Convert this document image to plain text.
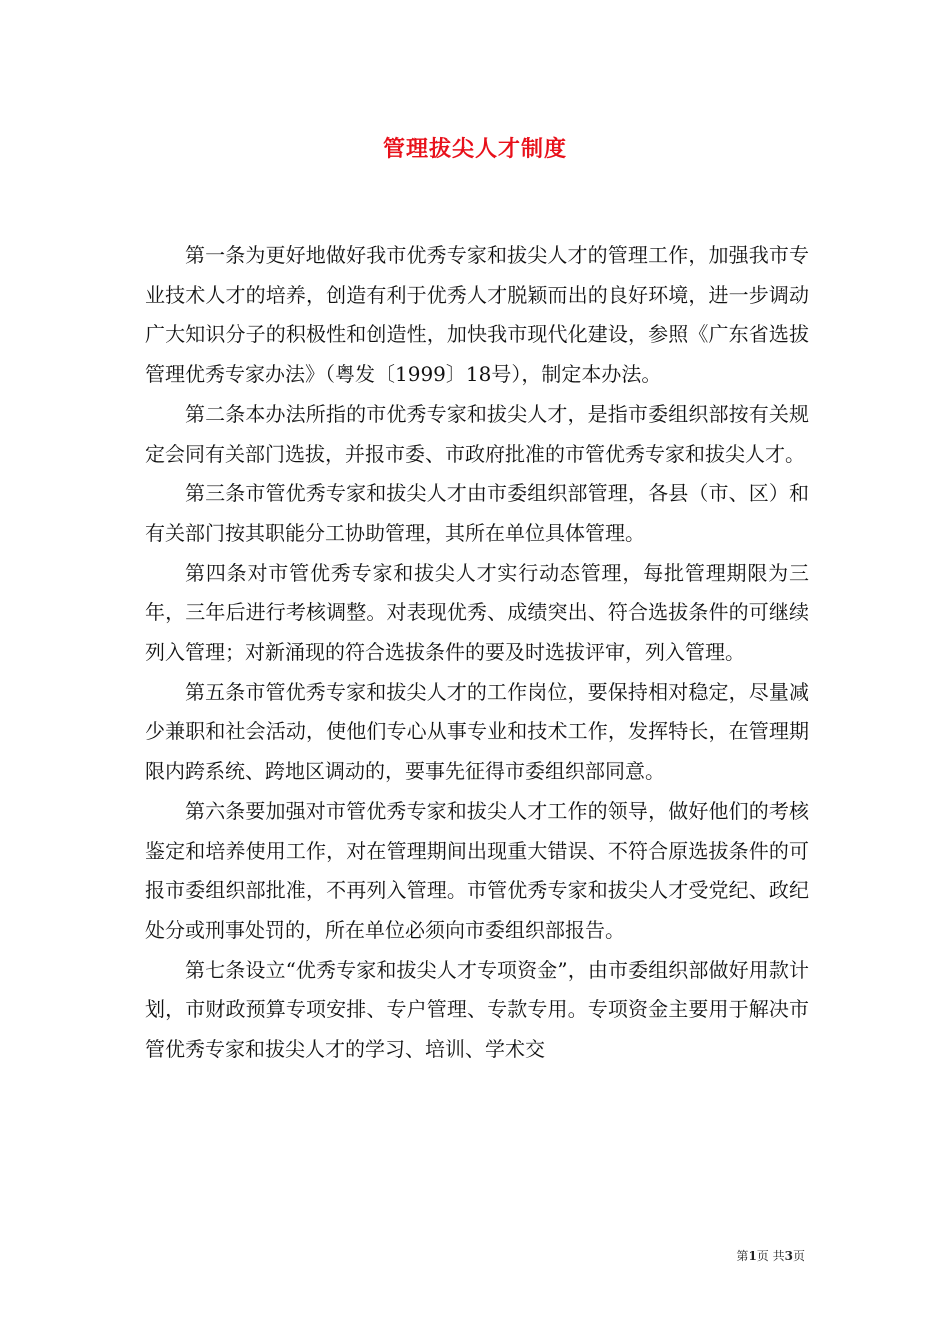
管理拔尖人才制度

第一条为更好地做好我市优秀专家和拔尖人才的管理工作，加强我市专业技术人才的培养，创造有利于优秀人才脱颖而出的良好环境，进一步调动广大知识分子的积极性和创造性，加快我市现代化建设，参照《广东省选拔管理优秀专家办法》（粤发〔1999〕18号），制定本办法。

第二条本办法所指的市优秀专家和拔尖人才，是指市委组织部按有关规定会同有关部门选拔，并报市委、市政府批准的市管优秀专家和拔尖人才。

第三条市管优秀专家和拔尖人才由市委组织部管理，各县（市、区）和有关部门按其职能分工协助管理，其所在单位具体管理。

第四条对市管优秀专家和拔尖人才实行动态管理，每批管理期限为三年，三年后进行考核调整。对表现优秀、成绩突出、符合选拔条件的可继续列入管理；对新涌现的符合选拔条件的要及时选拔评审，列入管理。

第五条市管优秀专家和拔尖人才的工作岗位，要保持相对稳定，尽量减少兼职和社会活动，使他们专心从事专业和技术工作，发挥特长，在管理期限内跨系统、跨地区调动的，要事先征得市委组织部同意。

第六条要加强对市管优秀专家和拔尖人才工作的领导，做好他们的考核鉴定和培养使用工作，对在管理期间出现重大错误、不符合原选拔条件的可报市委组织部批准，不再列入管理。市管优秀专家和拔尖人才受党纪、政纪处分或刑事处罚的，所在单位必须向市委组织部报告。

第七条设立“优秀专家和拔尖人才专项资金”，由市委组织部做好用款计划，市财政预算专项安排、专户管理、专款专用。专项资金主要用于解决市管优秀专家和拔尖人才的学习、培训、学术交

第1页 共3页
